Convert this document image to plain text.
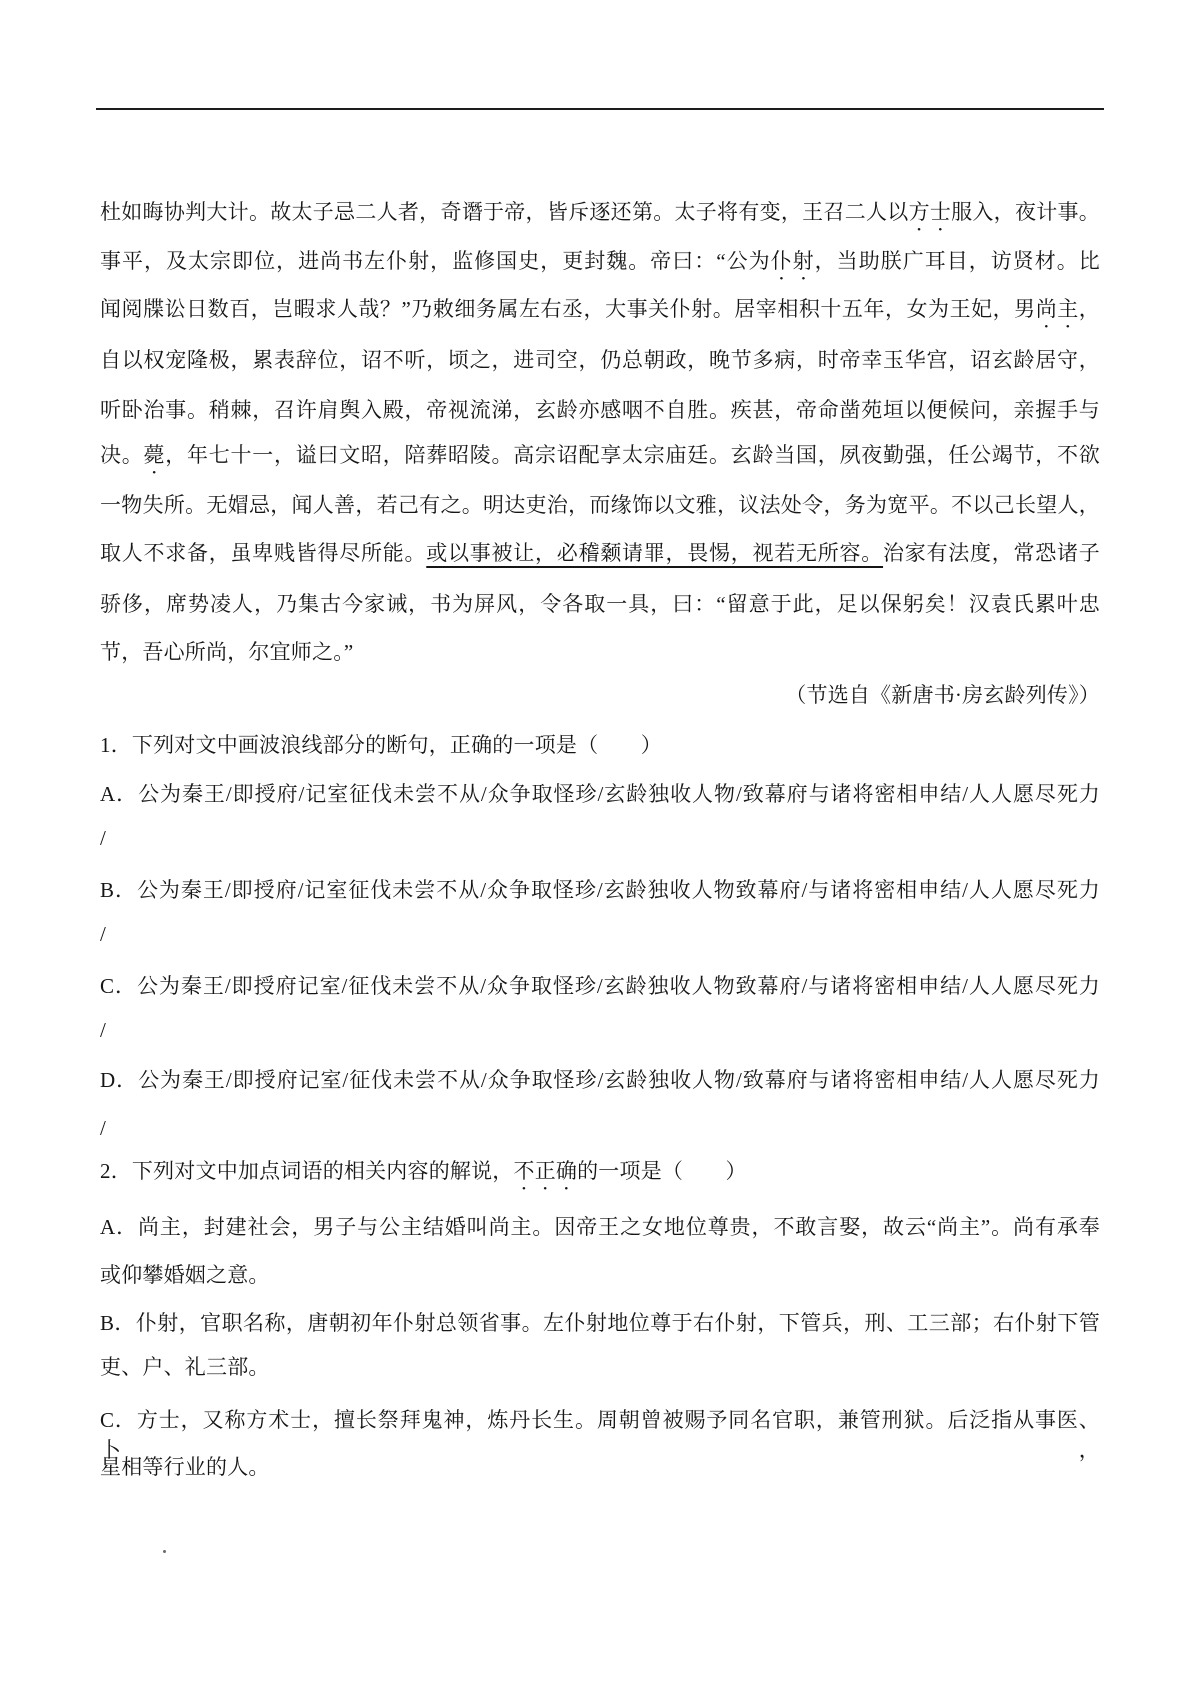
杜如晦协判大计。故太子忌二人者，奇谮于帝，皆斥逐还第。太子将有变，王召二人以方士服入，夜计事。
事平，及太宗即位，进尚书左仆射，监修国史，更封魏。帝曰：“公为仆射，当助朕广耳目，访贤材。比
闻阅牒讼日数百，岂暇求人哉？”乃敕细务属左右丞，大事关仆射。居宰相积十五年，女为王妃，男尚主，
自以权宠隆极，累表辞位，诏不听，顷之，进司空，仍总朝政，晚节多病，时帝幸玉华宫，诏玄龄居守，
听卧治事。稍棘，召许肩舆入殿，帝视流涕，玄龄亦感咽不自胜。疾甚，帝命凿苑垣以便候问，亲握手与
决。薨，年七十一，谥曰文昭，陪葬昭陵。高宗诏配享太宗庙廷。玄龄当国，夙夜勤强，任公竭节，不欲
一物失所。无媢忌，闻人善，若己有之。明达吏治，而缘饰以文雅，议法处令，务为宽平。不以己长望人，
取人不求备，虽卑贱皆得尽所能。或以事被让，必稽颡请罪，畏惕，视若无所容。治家有法度，常恐诸子
骄侈，席势凌人，乃集古今家诫，书为屏风，令各取一具，曰：“留意于此，足以保躬矣！汉袁氏累叶忠
节，吾心所尚，尔宜师之。”
（节选自《新唐书·房玄龄列传》）
1．下列对文中画波浪线部分的断句，正确的一项是（　　）
A．公为秦王/即授府/记室征伐未尝不从/众争取怪珍/玄龄独收人物/致幕府与诸将密相申结/人人愿尽死力
/
B．公为秦王/即授府/记室征伐未尝不从/众争取怪珍/玄龄独收人物致幕府/与诸将密相申结/人人愿尽死力
/
C．公为秦王/即授府记室/征伐未尝不从/众争取怪珍/玄龄独收人物致幕府/与诸将密相申结/人人愿尽死力
/
D．公为秦王/即授府记室/征伐未尝不从/众争取怪珍/玄龄独收人物/致幕府与诸将密相申结/人人愿尽死力
/
2．下列对文中加点词语的相关内容的解说，不正确的一项是（　　）
A．尚主，封建社会，男子与公主结婚叫尚主。因帝王之女地位尊贵，不敢言娶，故云“尚主”。尚有承奉
或仰攀婚姻之意。
B．仆射，官职名称，唐朝初年仆射总领省事。左仆射地位尊于右仆射，下管兵，刑、工三部；右仆射下管
吏、户、礼三部。
C．方士，又称方术士，擅长祭拜鬼神，炼丹长生。周朝曾被赐予同名官职，兼管刑狱。后泛指从事医、卜，
星相等行业的人。
